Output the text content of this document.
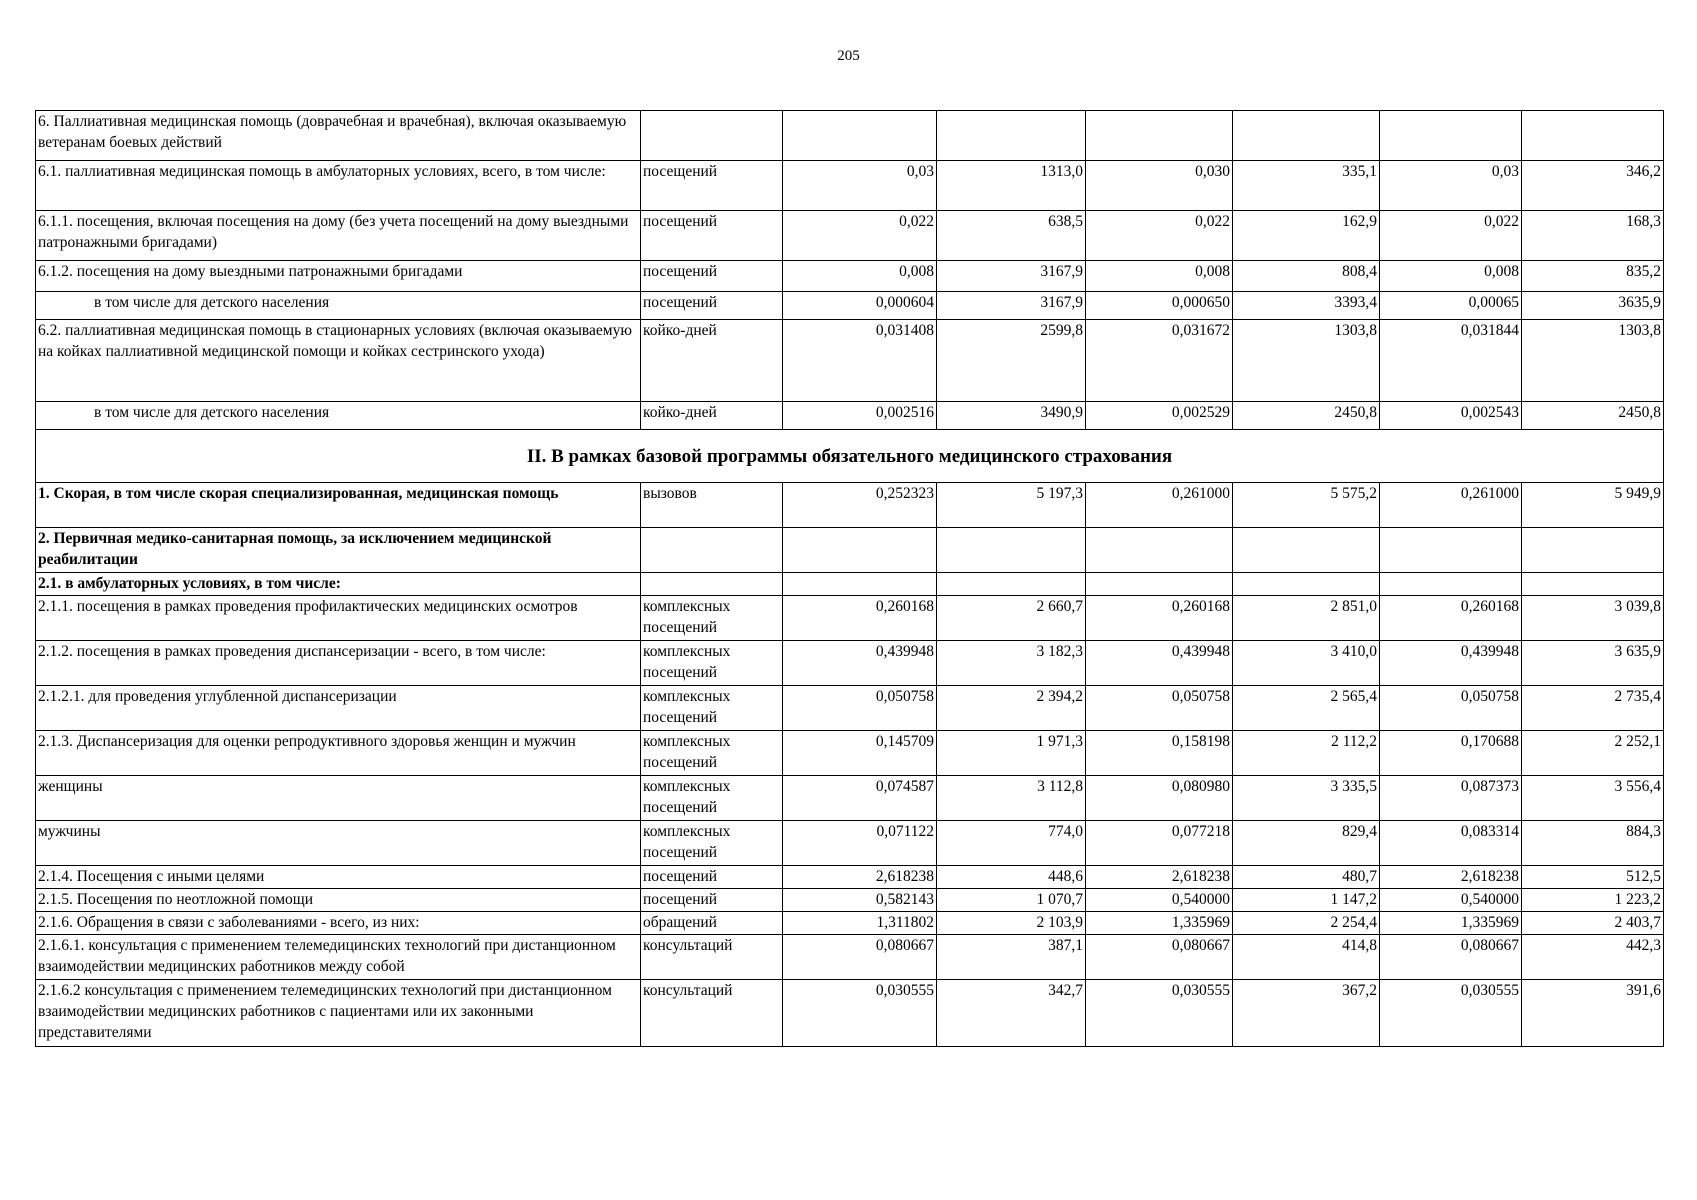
205
6. Паллиативная медицинская помощь (доврачебная и врачебная), включая оказываемую ветеранам боевых действий							
6.1. паллиативная медицинская помощь в амбулаторных условиях, всего, в том числе:	посещений	0,03	1313,0	0,030	335,1	0,03	346,2
6.1.1. посещения, включая посещения на дому (без учета посещений на дому выездными патронажными бригадами)	посещений	0,022	638,5	0,022	162,9	0,022	168,3
6.1.2. посещения на дому выездными патронажными бригадами	посещений	0,008	3167,9	0,008	808,4	0,008	835,2
в том числе для детского населения	посещений	0,000604	3167,9	0,000650	3393,4	0,00065	3635,9
6.2. паллиативная медицинская помощь в стационарных условиях (включая оказываемую на койках паллиативной медицинской помощи и койках сестринского ухода)	койко-дней	0,031408	2599,8	0,031672	1303,8	0,031844	1303,8
в том числе для детского населения	койко-дней	0,002516	3490,9	0,002529	2450,8	0,002543	2450,8
II. В рамках базовой программы обязательного медицинского страхования							
1. Скорая, в том числе скорая специализированная, медицинская помощь	вызовов	0,252323	5 197,3	0,261000	5 575,2	0,261000	5 949,9
2. Первичная медико-санитарная помощь, за исключением медицинской реабилитации							
2.1. в амбулаторных условиях, в том числе:							
2.1.1. посещения в рамках проведения профилактических медицинских осмотров	комплексных посещений	0,260168	2 660,7	0,260168	2 851,0	0,260168	3 039,8
2.1.2. посещения в рамках проведения диспансеризации - всего, в том числе:	комплексных посещений	0,439948	3 182,3	0,439948	3 410,0	0,439948	3 635,9
2.1.2.1. для проведения углубленной диспансеризации	комплексных посещений	0,050758	2 394,2	0,050758	2 565,4	0,050758	2 735,4
2.1.3. Диспансеризация для оценки репродуктивного здоровья женщин и мужчин	комплексных посещений	0,145709	1 971,3	0,158198	2 112,2	0,170688	2 252,1
женщины	комплексных посещений	0,074587	3 112,8	0,080980	3 335,5	0,087373	3 556,4
мужчины	комплексных посещений	0,071122	774,0	0,077218	829,4	0,083314	884,3
2.1.4. Посещения с иными целями	посещений	2,618238	448,6	2,618238	480,7	2,618238	512,5
2.1.5. Посещения по неотложной помощи	посещений	0,582143	1 070,7	0,540000	1 147,2	0,540000	1 223,2
2.1.6. Обращения в связи с заболеваниями - всего, из них:	обращений	1,311802	2 103,9	1,335969	2 254,4	1,335969	2 403,7
2.1.6.1. консультация с применением телемедицинских технологий при дистанционном взаимодействии медицинских работников между собой	консультаций	0,080667	387,1	0,080667	414,8	0,080667	442,3
2.1.6.2 консультация с применением телемедицинских технологий при дистанционном взаимодействии медицинских работников с пациентами или их законными представителями	консультаций	0,030555	342,7	0,030555	367,2	0,030555	391,6
